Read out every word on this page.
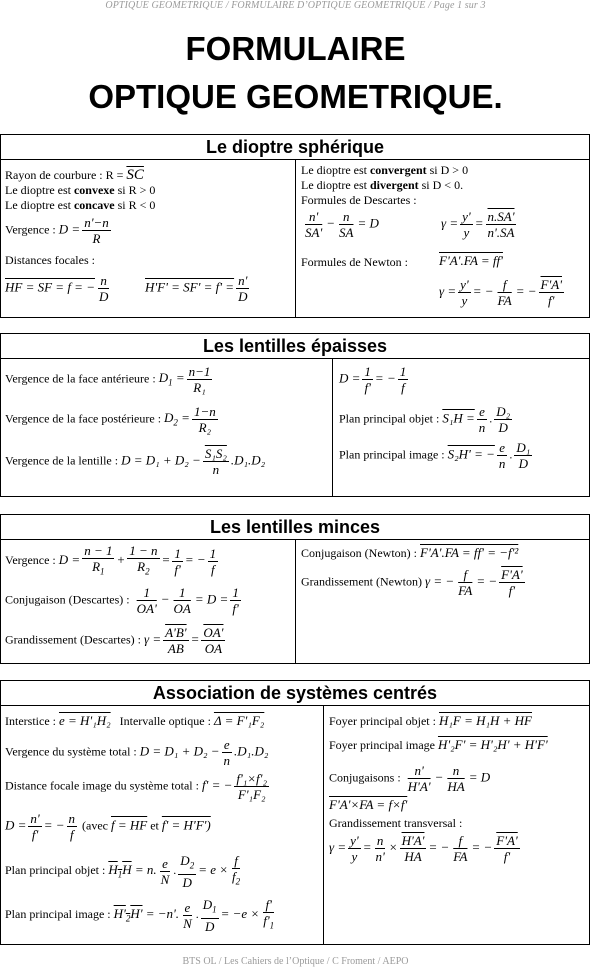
OPTIQUE GEOMETRIQUE / FORMULAIRE D’OPTIQUE GEOMETRIQUE / Page 1 sur 3
FORMULAIRE
OPTIQUE GEOMETRIQUE.
Le dioptre sphérique
Rayon de courbure : $R = \overline{SC}$
Le dioptre est convexe si R > 0
Le dioptre est concave si R < 0
Vergence : $D = \frac{n'-n}{R}$
Distances focales :
HF = SF = f = − $\frac{n}{D}$	$H'F' = SF' = f' = \frac{n'}{D}$
Le dioptre est convergent si D > 0
Le dioptre est divergent si D < 0.
Formules de Descartes :
$\frac{n'}{SA'} - \frac{n}{SA} = D$	$\gamma = \frac{y'}{y} = \frac{n.SA'}{n'.SA}$
Formules de Newton : F'A'.FA = ff'
$\gamma = \frac{y'}{y}$ = − $\frac{f}{FA}$ = − $\frac{F'A'}{f'}$
Les lentilles épaisses
Vergence de la face antérieure : $D_1 = \frac{n-1}{\text{R₁}}$
Vergence de la face postérieure : $D_2 = \frac{1-n}{\text{R₂}}$
Vergence de la lentille : $D = D_1 + D_2 - \frac{\text{S₁S₂}}{n} .D_1.D_2$
$D = \frac{1}{f'}$ = − $\frac{1}{f}$
Plan principal objet : $S_1H = \frac{e}{n}$ . $\frac{\text{D₂}}{D}$
Plan principal image : S₂H' = − $\frac{e}{n}$ . $\frac{\text{D₁}}{D}$
Les lentilles minces
Vergence : $D = \frac{n - 1}{R_1} + \frac{1 - n}{R_2} = \frac{1}{f'}$ = − $\frac{1}{f}$
Conjugaison (Descartes) : $\frac{1}{OA'} - \frac{1}{OA} = D = \frac{1}{f'}$
Grandissement (Descartes) : $\gamma = \frac{A'B'}{AB} = \frac{OA'}{OA}$
Conjugaison (Newton) : F'A'.FA = ff' = −f'²
Grandissement (Newton) γ = − $\frac{f}{FA}$ = − $\frac{F'A'}{f'}$
Association de systèmes centrés
Interstice : e = H'₁H₂ Intervalle optique : Δ = F'₁F₂
Vergence du système total : $D = D_1 + D_2 - \frac{e}{n} .D_1.D_2$
Distance focale image du système total : f' = − $\frac{\text{f'₁×f'₂}}{\text{F'₁F₂}}$
$D = \frac{n'}{f'}$ = − $\frac{n}{f}$ (avec f = HF et f' = H'F')
Plan principal objet : $H_1H = n$. $\frac{e}{N}$ . $\frac{D_2}{D} = e \times \frac{f}{f_2}$
Plan principal image : $H'_2H' = -n'$. $\frac{e}{N}$ . $\frac{D_1}{D} = -e \times \frac{f'}{f'_1}$
Foyer principal objet : H₁F = H₁H + HF
Foyer principal image H'₂F' = H'₂H' + H'F'
Conjugaisons : $\frac{n'}{H'A'} - \frac{n}{HA} = D$
F'A'×FA = f×f'
Grandissement transversal :
$\gamma = \frac{y'}{y} = \frac{n}{n'} \times \frac{H'A'}{HA}$ = − $\frac{f}{FA}$ = − $\frac{F'A'}{f'}$
BTS OL / Les Cahiers de l’Optique / C Froment / AEPO
